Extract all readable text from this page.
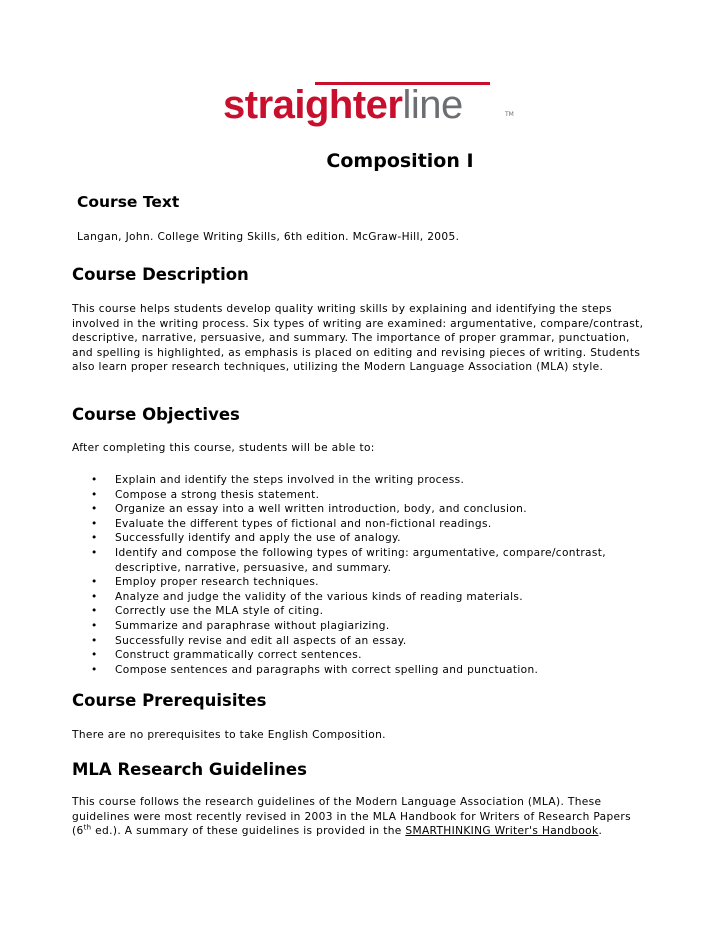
straighterline	TM
Composition I
Course Text

Langan, John. College Writing Skills, 6th edition. McGraw-Hill, 2005.

Course Description

This course helps students develop quality writing skills by explaining and identifying the steps involved in the writing process. Six types of writing are examined: argumentative, compare/contrast, descriptive, narrative, persuasive, and summary. The importance of proper grammar, punctuation, and spelling is highlighted, as emphasis is placed on editing and revising pieces of writing. Students also learn proper research techniques, utilizing the Modern Language Association (MLA) style.

Course Objectives

After completing this course, students will be able to:

• Explain and identify the steps involved in the writing process.
• Compose a strong thesis statement.
• Organize an essay into a well written introduction, body, and conclusion.
• Evaluate the different types of fictional and non-fictional readings.
• Successfully identify and apply the use of analogy.
• Identify and compose the following types of writing: argumentative, compare/contrast, descriptive, narrative, persuasive, and summary.
• Employ proper research techniques.
• Analyze and judge the validity of the various kinds of reading materials.
• Correctly use the MLA style of citing.
• Summarize and paraphrase without plagiarizing.
• Successfully revise and edit all aspects of an essay.
• Construct grammatically correct sentences.
• Compose sentences and paragraphs with correct spelling and punctuation.
Course Prerequisites

There are no prerequisites to take English Composition.

MLA Research Guidelines

This course follows the research guidelines of the Modern Language Association (MLA). These guidelines were most recently revised in 2003 in the MLA Handbook for Writers of Research Papers (6th ed.). A summary of these guidelines is provided in the SMARTHINKING Writer's Handbook.
